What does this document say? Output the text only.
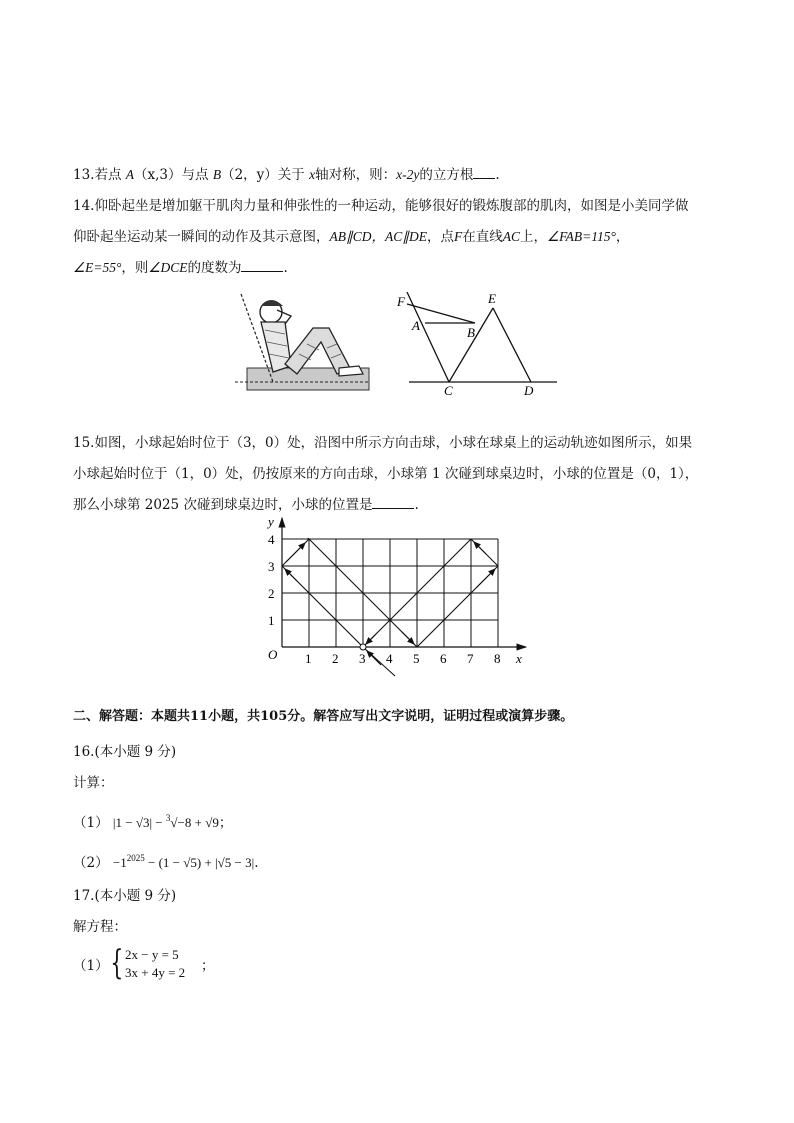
13.若点 A（x,3）与点 B（2，y）关于 x轴对称，则：x-2y的立方根 .
14.仰卧起坐是增加躯干肌肉力量和伸张性的一种运动，能够很好的锻炼腹部的肌肉，如图是小美同学做
仰卧起坐运动某一瞬间的动作及其示意图，AB∥CD，AC∥DE，点F在直线AC上，∠FAB=115°，
∠E=55°，则∠DCE的度数为	.
F	E
A	B
C	D
15.如图，小球起始时位于（3，0）处，沿图中所示方向击球，小球在球桌上的运动轨迹如图所示，如果
小球起始时位于（1，0）处，仍按原来的方向击球，小球第 1 次碰到球桌边时，小球的位置是（0，1），
那么小球第 2025 次碰到球桌边时，小球的位置是	.
y
x
O 1 2 3 4 5 6 7 8
1
2
3
4
二、解答题：本题共11小题，共105分。解答应写出文字说明，证明过程或演算步骤。
16.(本小题 9 分)
计算：
（1） |1 − √3| − $^3$√−8 + √9；
$(2) -1^{2025} - (1 - √5) + |√5 - 3|$.
17.(本小题 9 分)
解方程：
（1） { 2x − y = 5
3x + 4y = 2 ；
